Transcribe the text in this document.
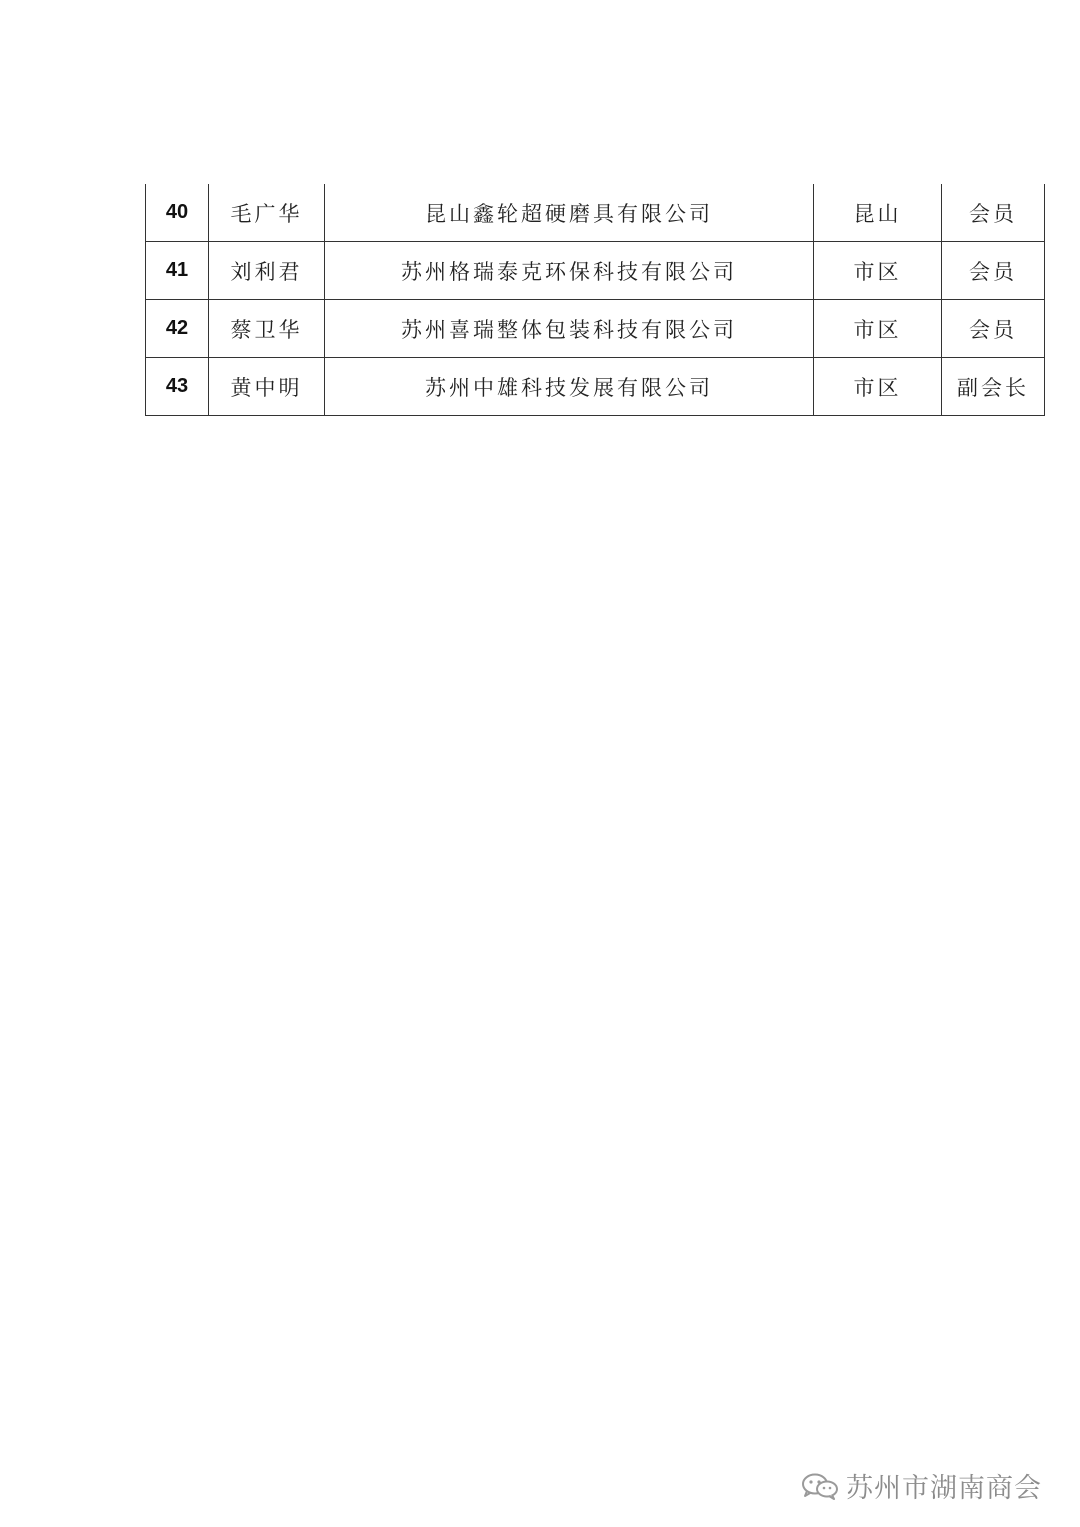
40	毛广华	昆山鑫轮超硬磨具有限公司	昆山	会员
41	刘利君	苏州格瑞泰克环保科技有限公司	市区	会员
42	蔡卫华	苏州喜瑞整体包装科技有限公司	市区	会员
43	黄中明	苏州中雄科技发展有限公司	市区	副会长
苏州市湖南商会
